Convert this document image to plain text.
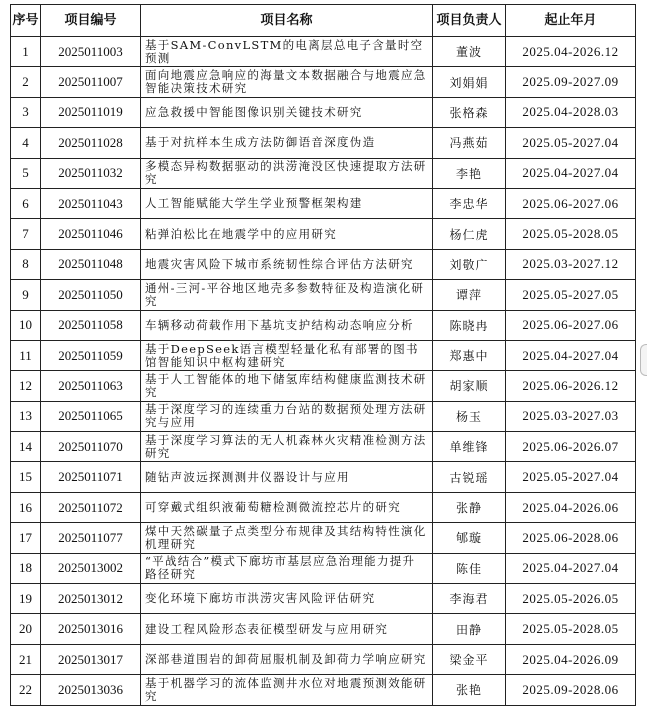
序号	项目编号	项目名称	项目负责人	起止年月
1	2025011003	基于SAM-ConvLSTM的电离层总电子含量时空预测	董波	2025.04-2026.12
2	2025011007	面向地震应急响应的海量文本数据融合与地震应急智能决策技术研究	刘娟娟	2025.09-2027.09
3	2025011019	应急救援中智能图像识别关键技术研究	张格森	2025.04-2028.03
4	2025011028	基于对抗样本生成方法防御语音深度伪造	冯燕茹	2025.05-2027.04
5	2025011032	多模态异构数据驱动的洪涝淹没区快速提取方法研究	李艳	2025.04-2027.04
6	2025011043	人工智能赋能大学生学业预警框架构建	李忠华	2025.06-2027.06
7	2025011046	粘弹泊松比在地震学中的应用研究	杨仁虎	2025.05-2028.05
8	2025011048	地震灾害风险下城市系统韧性综合评估方法研究	刘敬广	2025.03-2027.12
9	2025011050	通州-三河-平谷地区地壳多参数特征及构造演化研究	谭萍	2025.05-2027.05
10	2025011058	车辆移动荷载作用下基坑支护结构动态响应分析	陈晓冉	2025.06-2027.06
11	2025011059	基于DeepSeek语言模型轻量化私有部署的图书馆智能知识中枢构建研究	郑惠中	2025.04-2027.04
12	2025011063	基于人工智能体的地下储氢库结构健康监测技术研究	胡家顺	2025.06-2026.12
13	2025011065	基于深度学习的连续重力台站的数据预处理方法研究与应用	杨玉	2025.03-2027.03
14	2025011070	基于深度学习算法的无人机森林火灾精准检测方法研究	单维锋	2025.06-2026.07
15	2025011071	随钻声波远探测测井仪器设计与应用	古锐瑶	2025.05-2027.04
16	2025011072	可穿戴式组织液葡萄糖检测微流控芯片的研究	张静	2025.04-2026.06
17	2025011077	煤中天然碳量子点类型分布规律及其结构特性演化机理研究	郇璇	2025.06-2028.06
18	2025013002	“平战结合”模式下廊坊市基层应急治理能力提升路径研究	陈佳	2025.04-2027.04
19	2025013012	变化环境下廊坊市洪涝灾害风险评估研究	李海君	2025.05-2026.05
20	2025013016	建设工程风险形态表征模型研发与应用研究	田静	2025.05-2028.05
21	2025013017	深部巷道围岩的卸荷屈服机制及卸荷力学响应研究	梁金平	2025.04-2026.09
22	2025013036	基于机器学习的流体监测井水位对地震预测效能研究	张艳	2025.09-2028.06
